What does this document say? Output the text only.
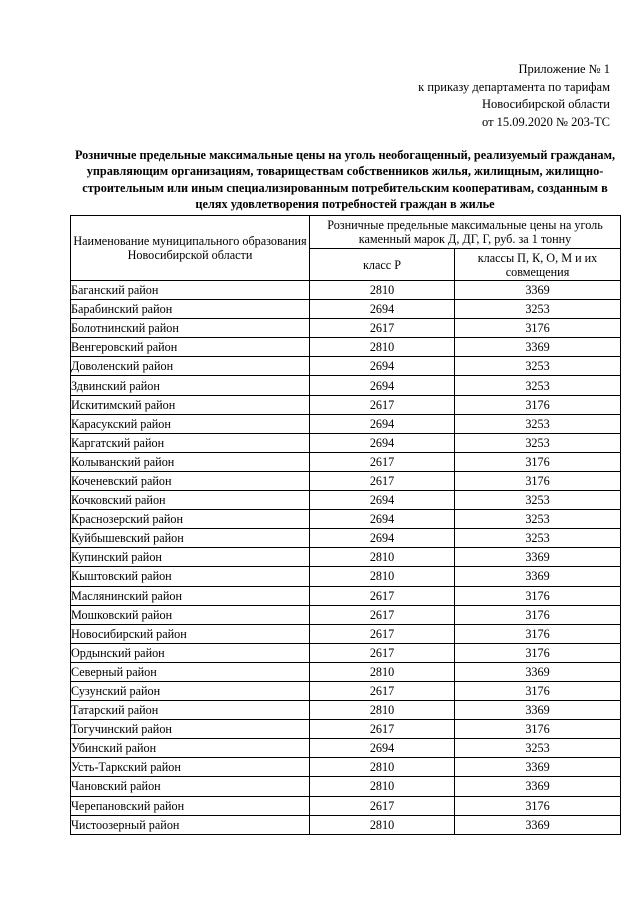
Приложение № 1
к приказу департамента по тарифам
Новосибирской области
от 15.09.2020 № 203-ТС
Розничные предельные максимальные цены на уголь необогащенный, реализуемый гражданам, управляющим организациям, товариществам собственников жилья, жилищным, жилищно-строительным или иным специализированным потребительским кооперативам, созданным в целях удовлетворения потребностей граждан в жилье
Наименование муниципального образования Новосибирской области	Розничные предельные максимальные цены на уголь каменный марок Д, ДГ, Г, руб. за 1 тонну	
	класс Р	классы П, К, О, М и их совмещения
Баганский район	2810	3369
Барабинский район	2694	3253
Болотнинский район	2617	3176
Венгеровский район	2810	3369
Доволенский район	2694	3253
Здвинский район	2694	3253
Искитимский район	2617	3176
Карасукский район	2694	3253
Каргатский район	2694	3253
Колыванский район	2617	3176
Коченевский район	2617	3176
Кочковский район	2694	3253
Краснозерский район	2694	3253
Куйбышевский район	2694	3253
Купинский район	2810	3369
Кыштовский район	2810	3369
Маслянинский район	2617	3176
Мошковский район	2617	3176
Новосибирский район	2617	3176
Ордынский район	2617	3176
Северный район	2810	3369
Сузунский район	2617	3176
Татарский район	2810	3369
Тогучинский район	2617	3176
Убинский район	2694	3253
Усть-Таркский район	2810	3369
Чановский район	2810	3369
Черепановский район	2617	3176
Чистоозерный район	2810	3369
